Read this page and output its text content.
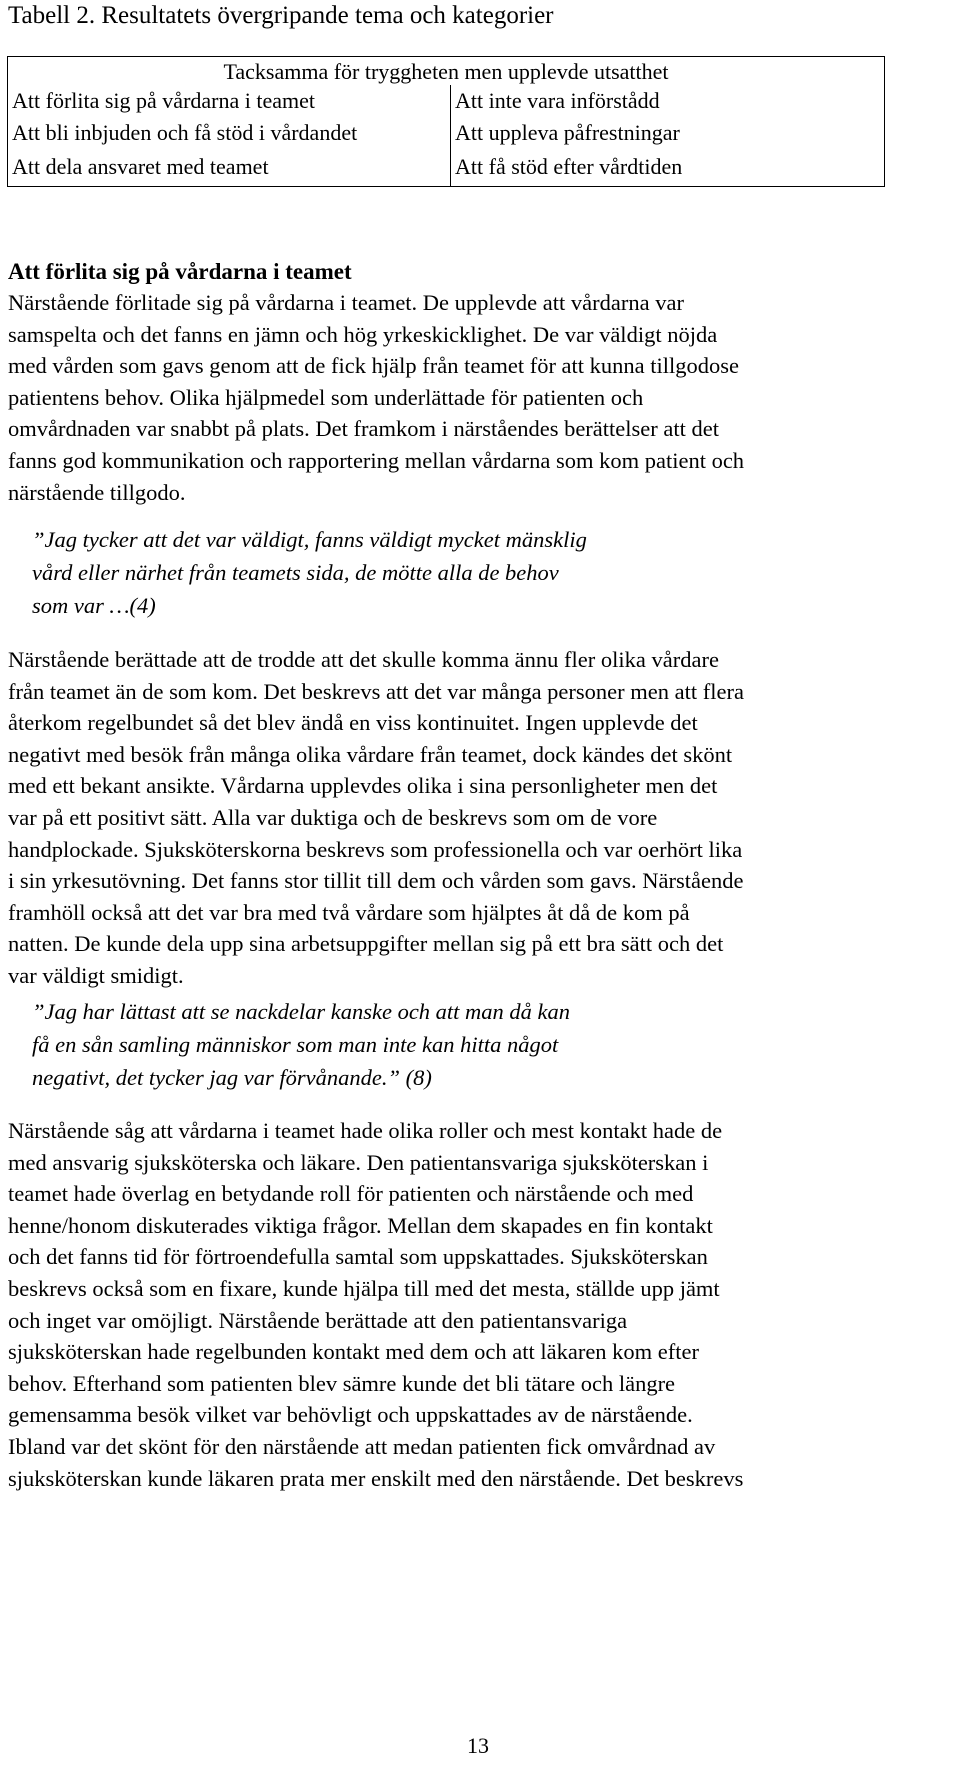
Tabell 2. Resultatets övergripande tema och kategorier
Tacksamma för tryggheten men upplevde utsatthet	
Att förlita sig på vårdarna i teamet	Att inte vara införstådd
Att bli inbjuden och få stöd i vårdandet	Att uppleva påfrestningar
Att dela ansvaret med teamet	Att få stöd efter vårdtiden
Att förlita sig på vårdarna i teamet

Närstående förlitade sig på vårdarna i teamet. De upplevde att vårdarna var
samspelta och det fanns en jämn och hög yrkeskicklighet. De var väldigt nöjda
med vården som gavs genom att de fick hjälp från teamet för att kunna tillgodose
patientens behov. Olika hjälpmedel som underlättade för patienten och
omvårdnaden var snabbt på plats. Det framkom i närståendes berättelser att det
fanns god kommunikation och rapportering mellan vårdarna som kom patient och
närstående tillgodo.

”Jag tycker att det var väldigt, fanns väldigt mycket mänsklig
vård eller närhet från teamets sida, de mötte alla de behov
som var …(4)

Närstående berättade att de trodde att det skulle komma ännu fler olika vårdare
från teamet än de som kom. Det beskrevs att det var många personer men att flera
återkom regelbundet så det blev ändå en viss kontinuitet. Ingen upplevde det
negativt med besök från många olika vårdare från teamet, dock kändes det skönt
med ett bekant ansikte. Vårdarna upplevdes olika i sina personligheter men det
var på ett positivt sätt. Alla var duktiga och de beskrevs som om de vore
handplockade. Sjuksköterskorna beskrevs som professionella och var oerhört lika
i sin yrkesutövning. Det fanns stor tillit till dem och vården som gavs. Närstående
framhöll också att det var bra med två vårdare som hjälptes åt då de kom på
natten. De kunde dela upp sina arbetsuppgifter mellan sig på ett bra sätt och det
var väldigt smidigt.

”Jag har lättast att se nackdelar kanske och att man då kan
få en sån samling människor som man inte kan hitta något
negativt, det tycker jag var förvånande.” (8)

Närstående såg att vårdarna i teamet hade olika roller och mest kontakt hade de
med ansvarig sjuksköterska och läkare. Den patientansvariga sjuksköterskan i
teamet hade överlag en betydande roll för patienten och närstående och med
henne/honom diskuterades viktiga frågor. Mellan dem skapades en fin kontakt
och det fanns tid för förtroendefulla samtal som uppskattades. Sjuksköterskan
beskrevs också som en fixare, kunde hjälpa till med det mesta, ställde upp jämt
och inget var omöjligt. Närstående berättade att den patientansvariga
sjuksköterskan hade regelbunden kontakt med dem och att läkaren kom efter
behov. Efterhand som patienten blev sämre kunde det bli tätare och längre
gemensamma besök vilket var behövligt och uppskattades av de närstående.
Ibland var det skönt för den närstående att medan patienten fick omvårdnad av
sjuksköterskan kunde läkaren prata mer enskilt med den närstående. Det beskrevs

13
